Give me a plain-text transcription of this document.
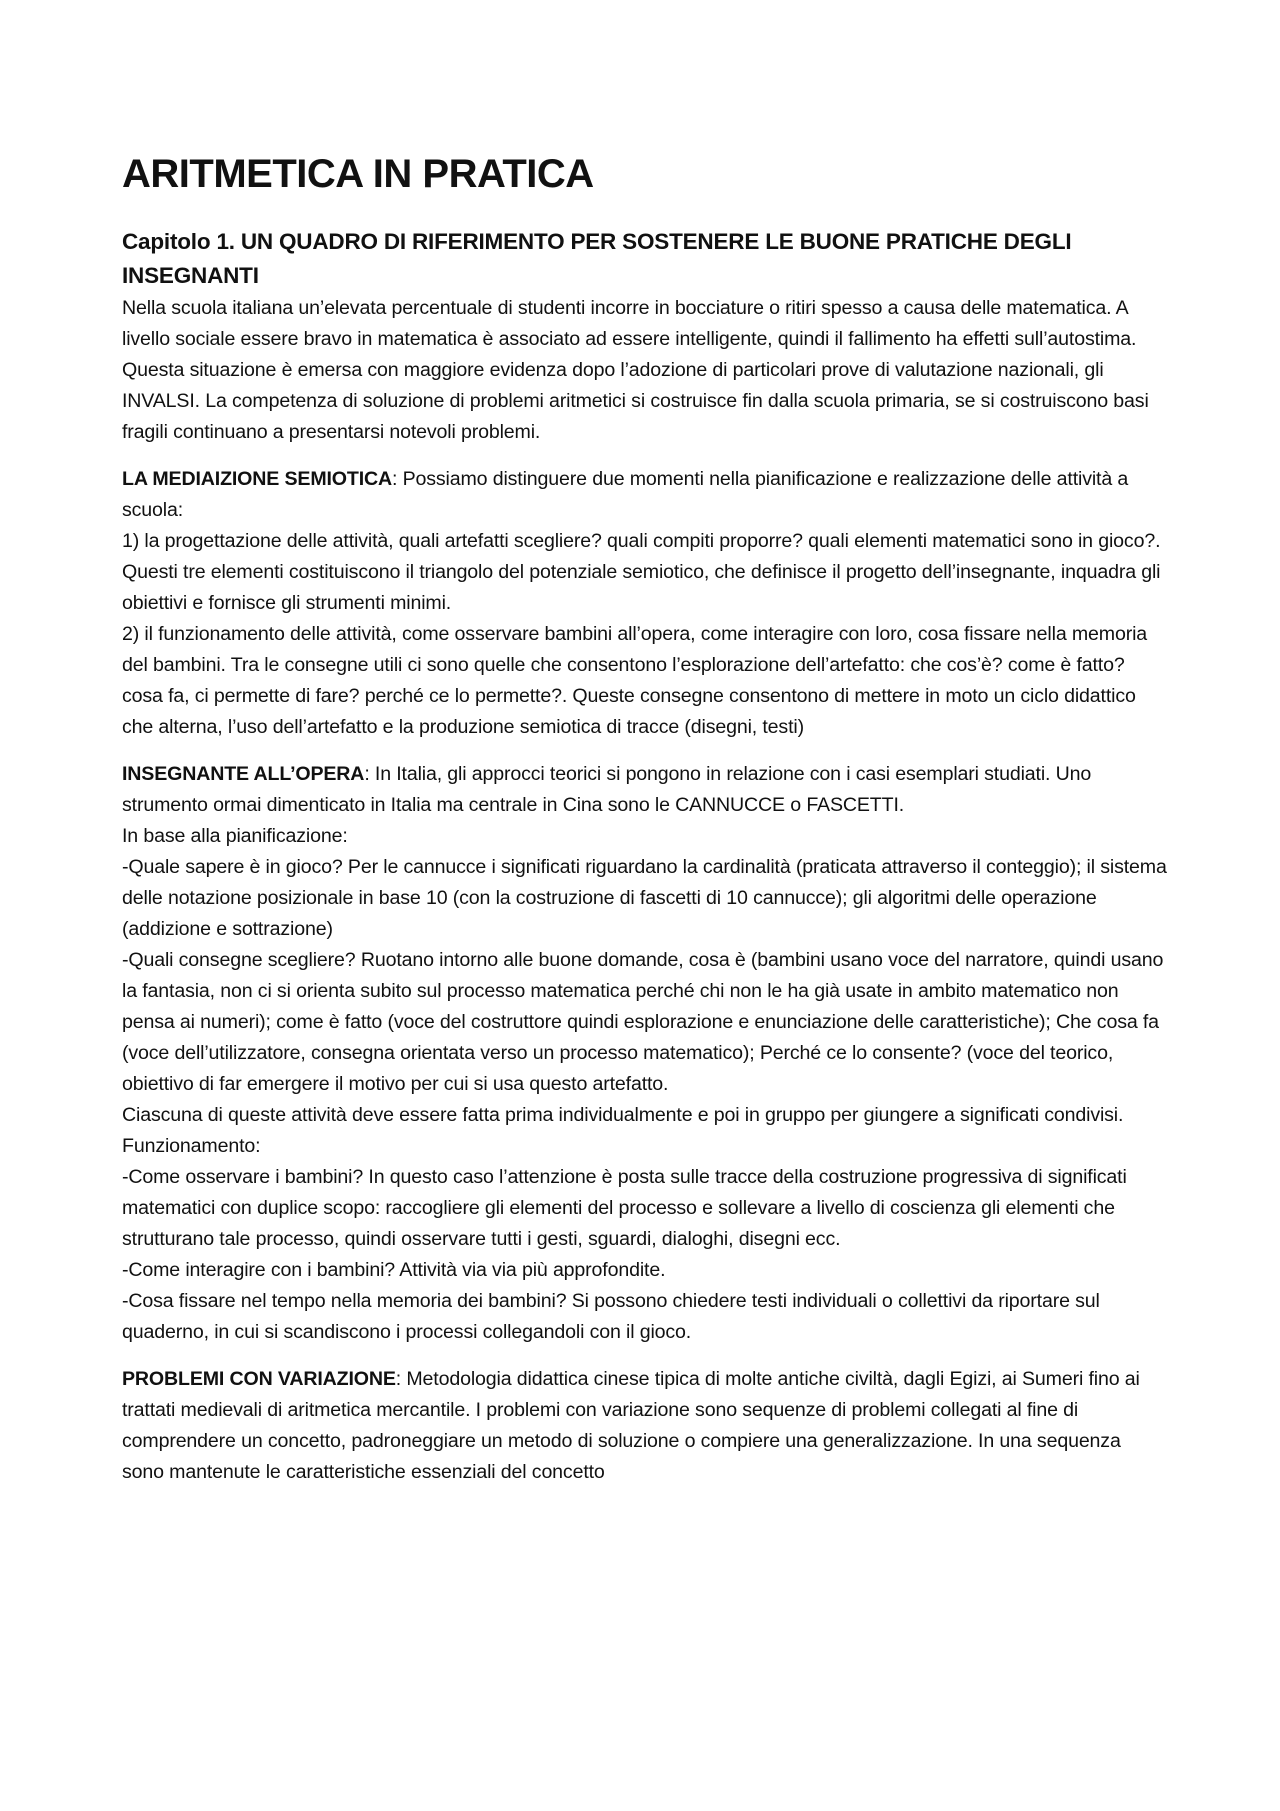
ARITMETICA IN PRATICA
Capitolo 1. UN QUADRO DI RIFERIMENTO PER SOSTENERE LE BUONE PRATICHE DEGLI INSEGNANTI

Nella scuola italiana un’elevata percentuale di studenti incorre in bocciature o ritiri spesso a causa delle matematica. A livello sociale essere bravo in matematica è associato ad essere intelligente, quindi il fallimento ha effetti sull’autostima. Questa situazione è emersa con maggiore evidenza dopo l’adozione di particolari prove di valutazione nazionali, gli INVALSI. La competenza di soluzione di problemi aritmetici si costruisce fin dalla scuola primaria, se si costruiscono basi fragili continuano a presentarsi notevoli problemi.

LA MEDIAIZIONE SEMIOTICA: Possiamo distinguere due momenti nella pianificazione e realizzazione delle attività a scuola:
1) la progettazione delle attività, quali artefatti scegliere? quali compiti proporre? quali elementi matematici sono in gioco?. Questi tre elementi costituiscono il triangolo del potenziale semiotico, che definisce il progetto dell’insegnante, inquadra gli obiettivi e fornisce gli strumenti minimi.
2) il funzionamento delle attività, come osservare bambini all’opera, come interagire con loro, cosa fissare nella memoria del bambini. Tra le consegne utili ci sono quelle che consentono l’esplorazione dell’artefatto: che cos’è? come è fatto? cosa fa, ci permette di fare? perché ce lo permette?. Queste consegne consentono di mettere in moto un ciclo didattico che alterna, l’uso dell’artefatto e la produzione semiotica di tracce (disegni, testi)
INSEGNANTE ALL’OPERA: In Italia, gli approcci teorici si pongono in relazione con i casi esemplari studiati. Uno strumento ormai dimenticato in Italia ma centrale in Cina sono le CANNUCCE o FASCETTI.
In base alla pianificazione:
-Quale sapere è in gioco? Per le cannucce i significati riguardano la cardinalità (praticata attraverso il conteggio); il sistema delle notazione posizionale in base 10 (con la costruzione di fascetti di 10 cannucce); gli algoritmi delle operazione (addizione e sottrazione)
-Quali consegne scegliere? Ruotano intorno alle buone domande, cosa è (bambini usano voce del narratore, quindi usano la fantasia, non ci si orienta subito sul processo matematica perché chi non le ha già usate in ambito matematico non pensa ai numeri); come è fatto (voce del costruttore quindi esplorazione e enunciazione delle caratteristiche); Che cosa fa (voce dell’utilizzatore, consegna orientata verso un processo matematico); Perché ce lo consente? (voce del teorico, obiettivo di far emergere il motivo per cui si usa questo artefatto.
Ciascuna di queste attività deve essere fatta prima individualmente e poi in gruppo per giungere a significati condivisi.
Funzionamento:
-Come osservare i bambini? In questo caso l’attenzione è posta sulle tracce della costruzione progressiva di significati matematici con duplice scopo: raccogliere gli elementi del processo e sollevare a livello di coscienza gli elementi che strutturano tale processo, quindi osservare tutti i gesti, sguardi, dialoghi, disegni ecc.
-Come interagire con i bambini? Attività via via più approfondite.
-Cosa fissare nel tempo nella memoria dei bambini? Si possono chiedere testi individuali o collettivi da riportare sul quaderno, in cui si scandiscono i processi collegandoli con il gioco.
PROBLEMI CON VARIAZIONE: Metodologia didattica cinese tipica di molte antiche civiltà, dagli Egizi, ai Sumeri fino ai trattati medievali di aritmetica mercantile. I problemi con variazione sono sequenze di problemi collegati al fine di comprendere un concetto, padroneggiare un metodo di soluzione o compiere una generalizzazione. In una sequenza sono mantenute le caratteristiche essenziali del concetto
